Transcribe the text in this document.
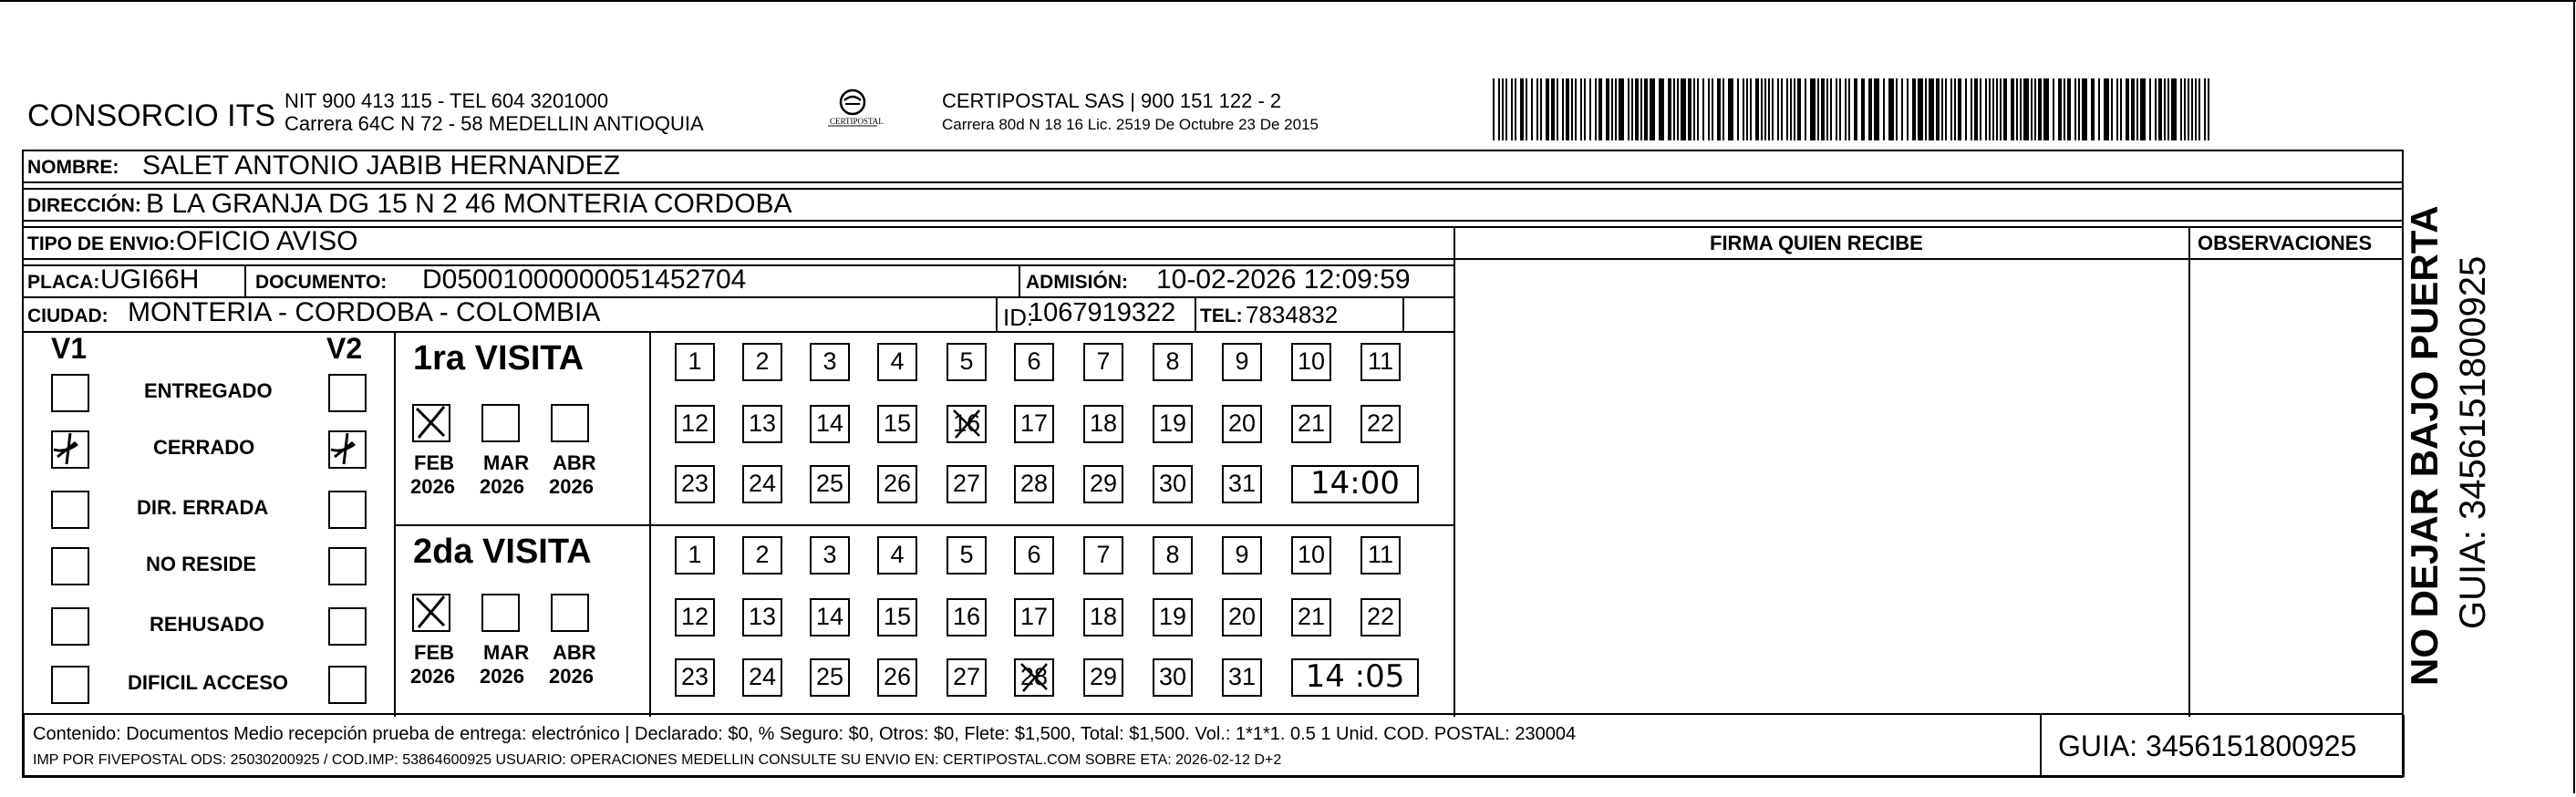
CONSORCIO ITS NIT 900 413 115 - TEL 604 3201000
Carrera 64C N 72 - 58 MEDELLIN ANTIOQUIA	CERTIPOSTAL
CERTIPOSTAL SAS | 900 151 122 - 2
Carrera 80d N 18 16 Lic. 2519 De Octubre 23 De 2015
NOMBRE: SALET ANTONIO JABIB HERNANDEZ
DIRECCIÓN: B LA GRANJA DG 15 N 2 46 MONTERIA CORDOBA
TIPO DE ENVIO: OFICIO AVISO
PLACA: UGI66H	DOCUMENTO: D05001000000051452704	ADMISIÓN: 10-02-2026 12:09:59
CIUDAD: MONTERIA - CORDOBA - COLOMBIA	ID:
1067919322 TEL: 7834832
FIRMA QUIEN RECIBE	OBSERVACIONES
V1	V2 1ra VISITA
2da VISITA
Contenido: Documentos Medio recepción prueba de entrega: electrónico | Declarado: $0, % Seguro: $0, Otros: $0, Flete: $1,500, Total: $1,500. Vol.: 1*1*1. 0.5 1 Unid. COD. POSTAL: 230004
IMP POR FIVEPOSTAL ODS: 25030200925 / COD.IMP: 53864600925 USUARIO: OPERACIONES MEDELLIN CONSULTE SU ENVIO EN: CERTIPOSTAL.COM SOBRE ETA: 2026-02-12 D+2	GUIA: 3456151800925
NO DEJAR BAJO PUERTA GUIA: 3456151800925
ENTREGADO
CERRADO
DIR. ERRADA
NO RESIDE
REHUSADO
DIFICIL ACCESO
FEB
2026
MAR
2026
ABR
2026
FEB
2026
MAR
2026
ABR
2026
1	2	3	4	5	6	7	8	9	10 11
12 13 14 15 16 17 18 19 20 21 22
23 24 25 26 27 28 29 30 31	14:00
1	2	3	4	5	6	7	8	9	10 11
12 13 14 15 16 17 18 19 20 21 22
23 24 25 26 27 28 29 30 31	14 :05
